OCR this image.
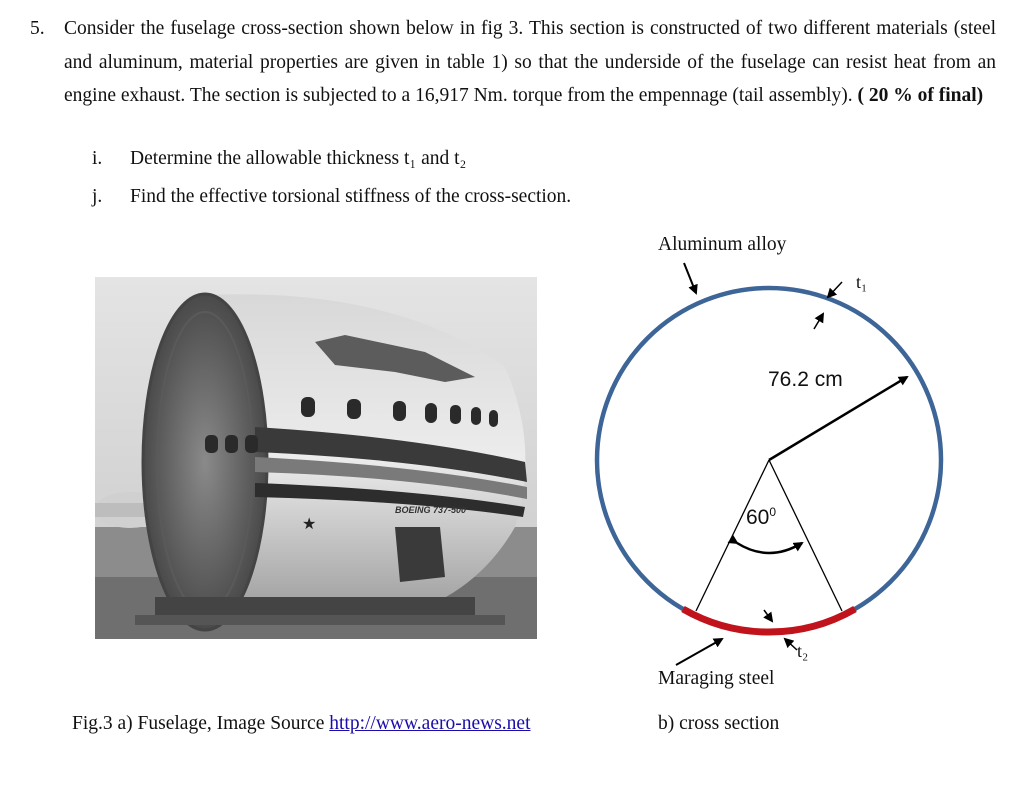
5. Consider the fuselage cross-section shown below in fig 3. This section is constructed of two different materials (steel and aluminum, material properties are given in table 1) so that the underside of the fuselage can resist heat from an engine exhaust. The section is subjected to a 16,917 Nm. torque from the empennage (tail assembly). ( 20 % of final)
i. Determine the allowable thickness t₁ and t₂
j. Find the effective torsional stiffness of the cross-section.
BOEING 737-500
★
Aluminum alloy
t₁
76.2 cm
$60^0$
t₂
Maraging steel
Fig.3 a) Fuselage, Image Source http://www.aero-news.net	b) cross section
